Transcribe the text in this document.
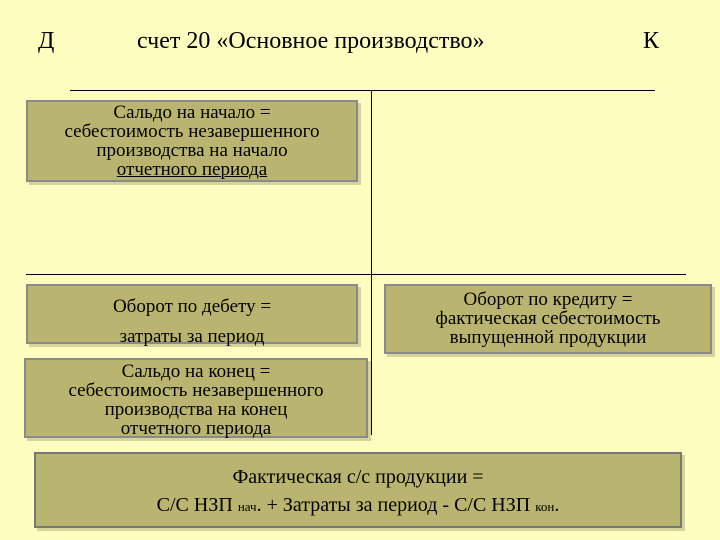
Д	счет 20 «Основное производство»	К
Сальдо на начало =
себестоимость незавершенного
производства на начало
отчетного периода
Оборот по дебету =
затраты за период
Оборот по кредиту =
фактическая себестоимость
выпущенной продукции
Сальдо на конец =
себестоимость незавершенного
производства на конец
отчетного периода
Фактическая с/с продукции =
С/С НЗП нач. + Затраты за период - С/С НЗП кон.
